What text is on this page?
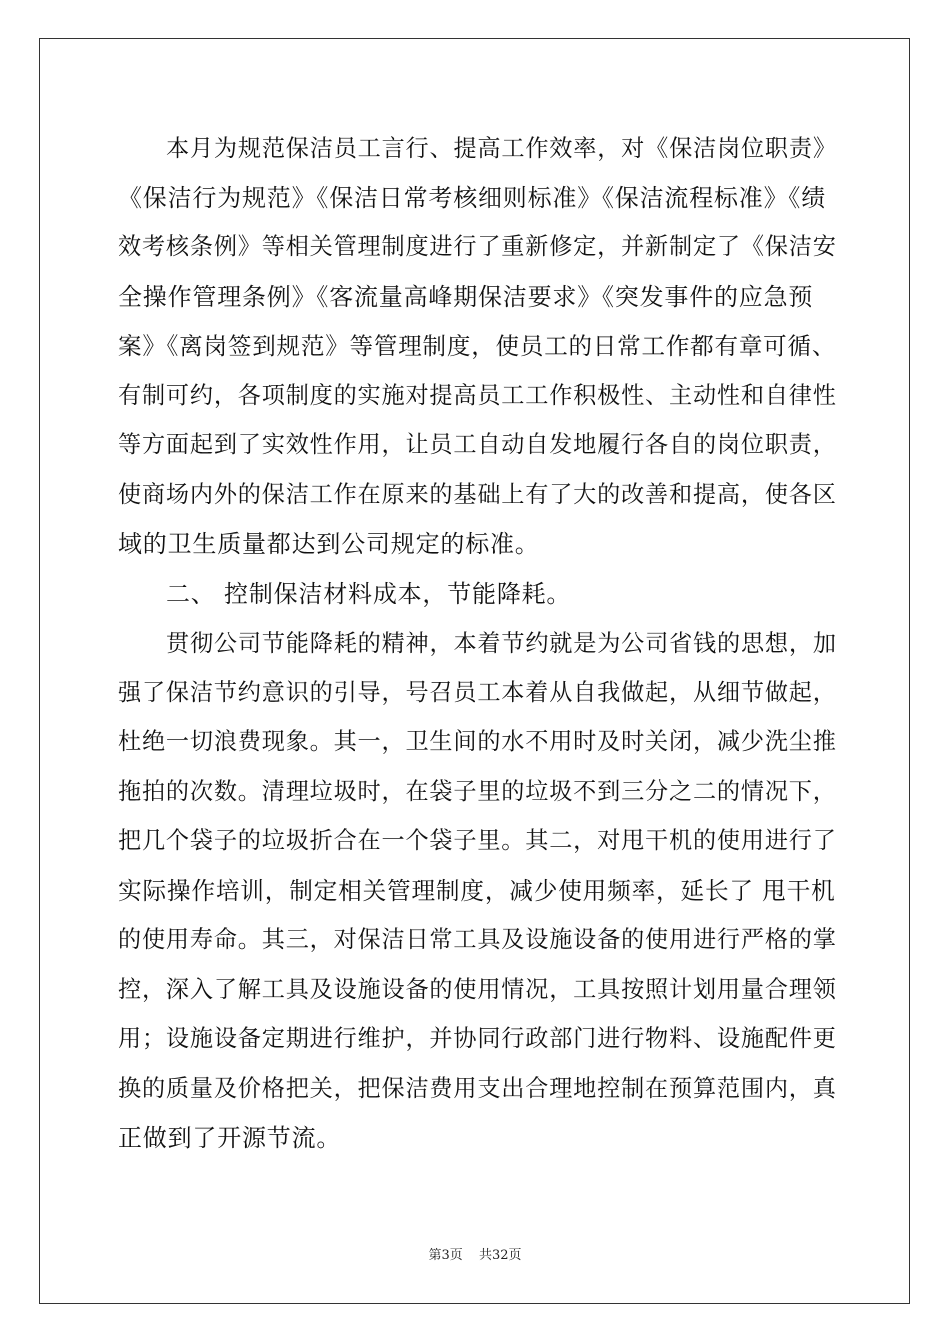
本月为规范保洁员工言行、提高工作效率，对《保洁岗位职责》
《保洁行为规范》《保洁日常考核细则标准》《保洁流程标准》《绩
效考核条例》等相关管理制度进行了重新修定，并新制定了《保洁安
全操作管理条例》《客流量高峰期保洁要求》《突发事件的应急预
案》《离岗签到规范》等管理制度，使员工的日常工作都有章可循、
有制可约，各项制度的实施对提高员工工作积极性、主动性和自律性
等方面起到了实效性作用，让员工自动自发地履行各自的岗位职责，
使商场内外的保洁工作在原来的基础上有了大的改善和提高，使各区
域的卫生质量都达到公司规定的标准。
二、 控制保洁材料成本，节能降耗。
贯彻公司节能降耗的精神，本着节约就是为公司省钱的思想，加
强了保洁节约意识的引导，号召员工本着从自我做起，从细节做起，
杜绝一切浪费现象。其一，卫生间的水不用时及时关闭，减少洗尘推
拖拍的次数。清理垃圾时，在袋子里的垃圾不到三分之二的情况下，
把几个袋子的垃圾折合在一个袋子里。其二，对甩干机的使用进行了
实际操作培训，制定相关管理制度，减少使用频率，延长了 甩干机
的使用寿命。其三，对保洁日常工具及设施设备的使用进行严格的掌
控，深入了解工具及设施设备的使用情况，工具按照计划用量合理领
用；设施设备定期进行维护，并协同行政部门进行物料、设施配件更
换的质量及价格把关，把保洁费用支出合理地控制在预算范围内，真
正做到了开源节流。
第3页 共32页
